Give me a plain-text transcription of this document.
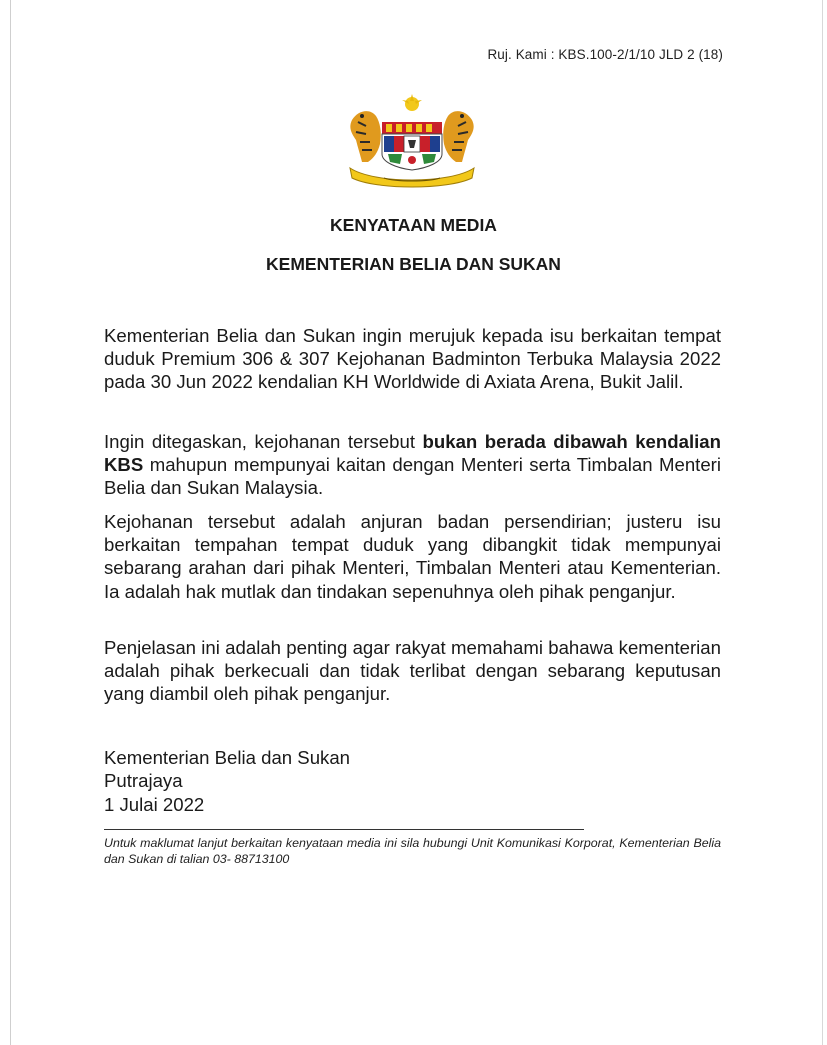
Ruj. Kami : KBS.100-2/1/10 JLD 2 (18)
KENYATAAN MEDIA
KEMENTERIAN BELIA DAN SUKAN
Kementerian Belia dan Sukan ingin merujuk kepada isu berkaitan tempat duduk Premium 306 & 307 Kejohanan Badminton Terbuka Malaysia 2022 pada 30 Jun 2022 kendalian KH Worldwide di Axiata Arena, Bukit Jalil.
Ingin ditegaskan, kejohanan tersebut bukan berada dibawah kendalian KBS mahupun mempunyai kaitan dengan Menteri serta Timbalan Menteri Belia dan Sukan Malaysia.
Kejohanan tersebut adalah anjuran badan persendirian; justeru isu berkaitan tempahan tempat duduk yang dibangkit tidak mempunyai sebarang arahan dari pihak Menteri, Timbalan Menteri atau Kementerian. Ia adalah hak mutlak dan tindakan sepenuhnya oleh pihak penganjur.
Penjelasan ini adalah penting agar rakyat memahami bahawa kementerian adalah pihak berkecuali dan tidak terlibat dengan sebarang keputusan yang diambil oleh pihak penganjur.
Kementerian Belia dan Sukan
Putrajaya
1 Julai 2022
Untuk maklumat lanjut berkaitan kenyataan media ini sila hubungi Unit Komunikasi Korporat, Kementerian Belia dan Sukan di talian 03- 88713100
